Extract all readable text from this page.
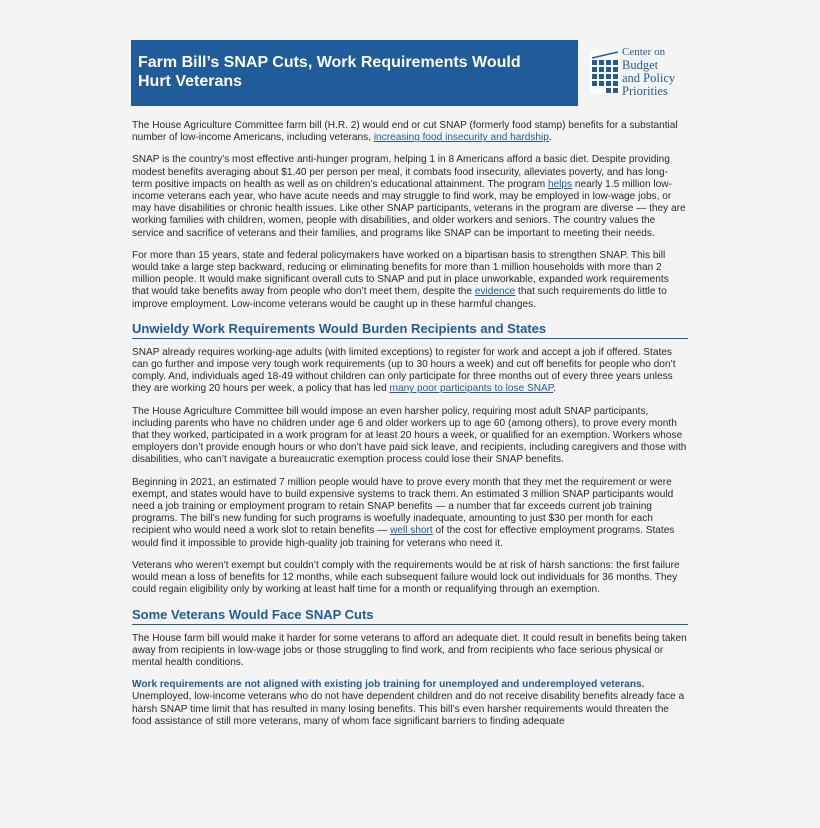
Farm Bill’s SNAP Cuts, Work Requirements Would
Hurt Veterans
Center on
Budget
and Policy
Priorities

The House Agriculture Committee farm bill (H.R. 2) would end or cut SNAP (formerly food stamp) benefits for a substantial number of low-income Americans, including veterans, increasing food insecurity and hardship.

SNAP is the country’s most effective anti-hunger program, helping 1 in 8 Americans afford a basic diet. Despite providing modest benefits averaging about $1.40 per person per meal, it combats food insecurity, alleviates poverty, and has long-term positive impacts on health as well as on children’s educational attainment. The program helps nearly 1.5 million low-income veterans each year, who have acute needs and may struggle to find work, may be employed in low-wage jobs, or may have disabilities or chronic health issues. Like other SNAP participants, veterans in the program are diverse — they are working families with children, women, people with disabilities, and older workers and seniors. The country values the service and sacrifice of veterans and their families, and programs like SNAP can be important to meeting their needs.

For more than 15 years, state and federal policymakers have worked on a bipartisan basis to strengthen SNAP. This bill would take a large step backward, reducing or eliminating benefits for more than 1 million households with more than 2 million people. It would make significant overall cuts to SNAP and put in place unworkable, expanded work requirements that would take benefits away from people who don’t meet them, despite the evidence that such requirements do little to improve employment. Low-income veterans would be caught up in these harmful changes.

Unwieldy Work Requirements Would Burden Recipients and States

SNAP already requires working-age adults (with limited exceptions) to register for work and accept a job if offered. States can go further and impose very tough work requirements (up to 30 hours a week) and cut off benefits for people who don’t comply. And, individuals aged 18-49 without children can only participate for three months out of every three years unless they are working 20 hours per week, a policy that has led many poor participants to lose SNAP.

The House Agriculture Committee bill would impose an even harsher policy, requiring most adult SNAP participants, including parents who have no children under age 6 and older workers up to age 60 (among others), to prove every month that they worked, participated in a work program for at least 20 hours a week, or qualified for an exemption. Workers whose employers don’t provide enough hours or who don’t have paid sick leave, and recipients, including caregivers and those with disabilities, who can’t navigate a bureaucratic exemption process could lose their SNAP benefits.

Beginning in 2021, an estimated 7 million people would have to prove every month that they met the requirement or were exempt, and states would have to build expensive systems to track them. An estimated 3 million SNAP participants would need a job training or employment program to retain SNAP benefits — a number that far exceeds current job training programs. The bill’s new funding for such programs is woefully inadequate, amounting to just $30 per month for each recipient who would need a work slot to retain benefits — well short of the cost for effective employment programs. States would find it impossible to provide high-quality job training for veterans who need it.

Veterans who weren’t exempt but couldn’t comply with the requirements would be at risk of harsh sanctions: the first failure would mean a loss of benefits for 12 months, while each subsequent failure would lock out individuals for 36 months. They could regain eligibility only by working at least half time for a month or requalifying through an exemption.

Some Veterans Would Face SNAP Cuts

The House farm bill would make it harder for some veterans to afford an adequate diet. It could result in benefits being taken away from recipients in low-wage jobs or those struggling to find work, and from recipients who face serious physical or mental health conditions.

Work requirements are not aligned with existing job training for unemployed and underemployed veterans.
Unemployed, low-income veterans who do not have dependent children and do not receive disability benefits already face a harsh SNAP time limit that has resulted in many losing benefits. This bill’s even harsher requirements would threaten the food assistance of still more veterans, many of whom face significant barriers to finding adequate
